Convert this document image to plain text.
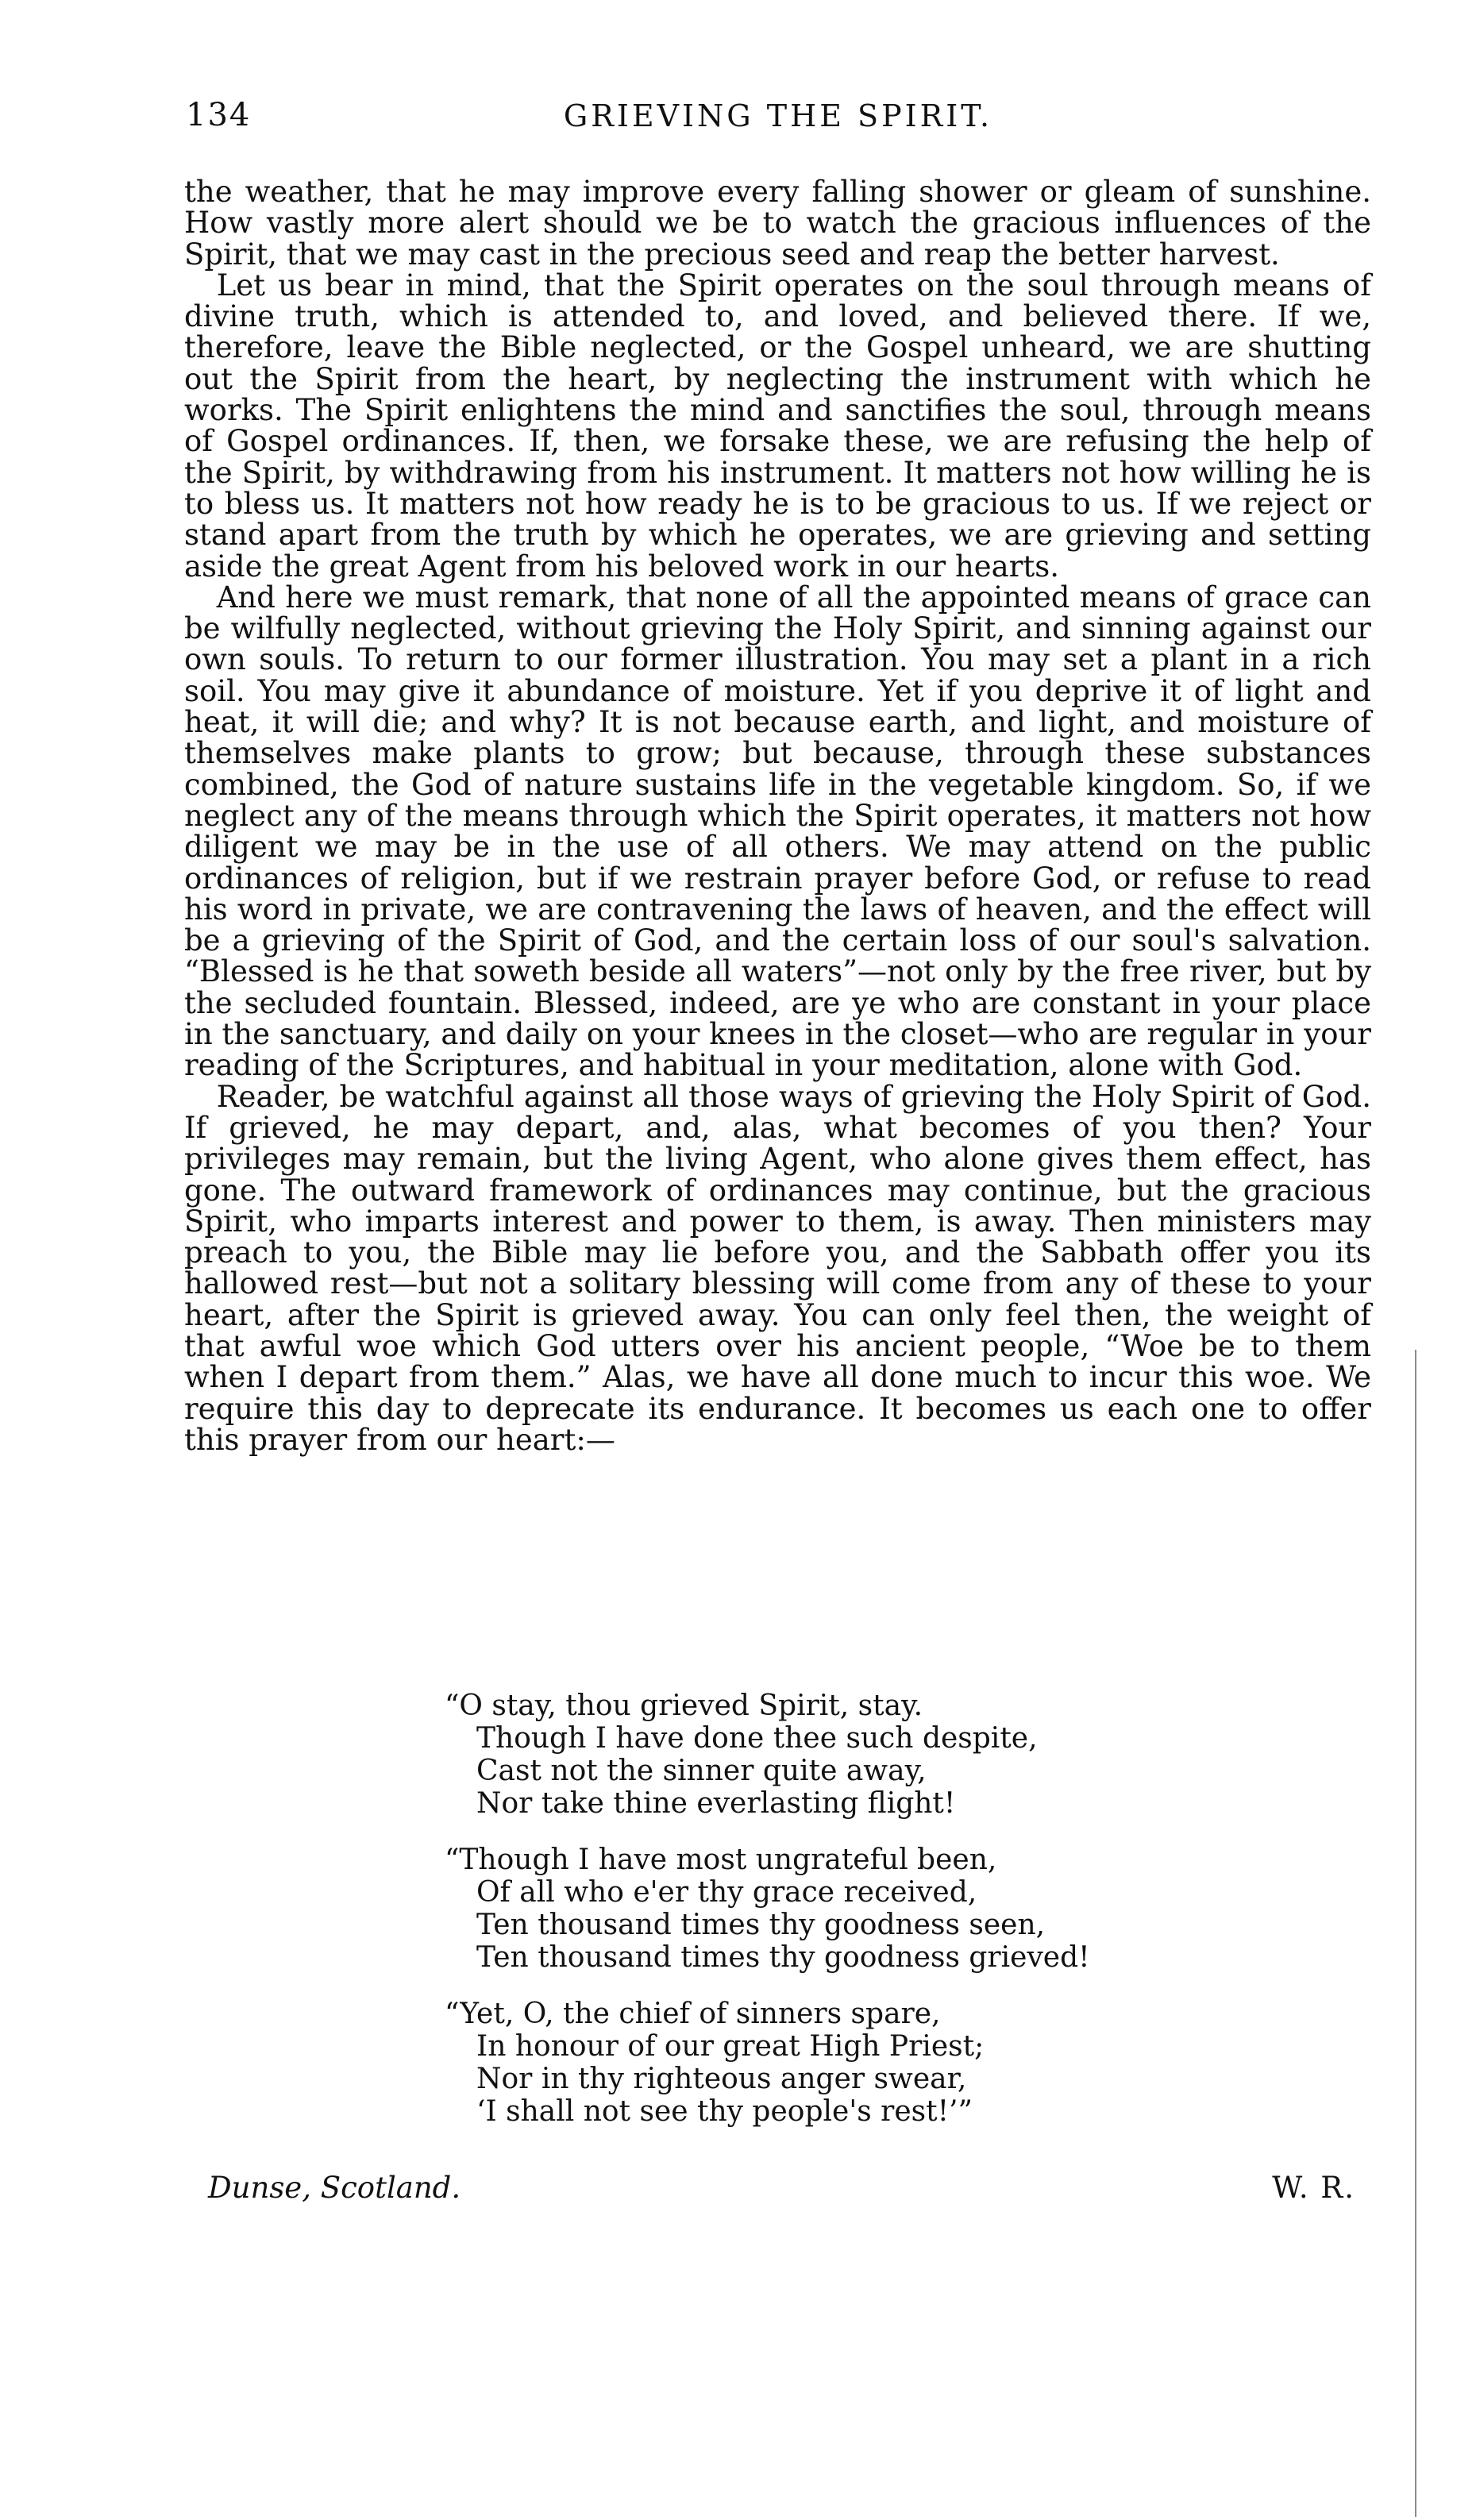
134	GRIEVING THE SPIRIT.

the weather, that he may improve every falling shower or gleam of sunshine. How vastly more alert should we be to watch the gracious influences of the Spirit, that we may cast in the precious seed and reap the better harvest.

Let us bear in mind, that the Spirit operates on the soul through means of divine truth, which is attended to, and loved, and believed there. If we, therefore, leave the Bible neglected, or the Gospel unheard, we are shutting out the Spirit from the heart, by neglecting the instrument with which he works. The Spirit enlightens the mind and sanctifies the soul, through means of Gospel ordinances. If, then, we forsake these, we are refusing the help of the Spirit, by withdrawing from his instrument. It matters not how willing he is to bless us. It matters not how ready he is to be gracious to us. If we reject or stand apart from the truth by which he operates, we are grieving and setting aside the great Agent from his beloved work in our hearts.

And here we must remark, that none of all the appointed means of grace can be wilfully neglected, without grieving the Holy Spirit, and sinning against our own souls. To return to our former illustration. You may set a plant in a rich soil. You may give it abundance of moisture. Yet if you deprive it of light and heat, it will die; and why? It is not because earth, and light, and moisture of themselves make plants to grow; but because, through these substances combined, the God of nature sustains life in the vegetable kingdom. So, if we neglect any of the means through which the Spirit operates, it matters not how diligent we may be in the use of all others. We may attend on the public ordinances of religion, but if we restrain prayer before God, or refuse to read his word in private, we are contravening the laws of heaven, and the effect will be a grieving of the Spirit of God, and the certain loss of our soul's salvation. “Blessed is he that soweth beside all waters”—not only by the free river, but by the secluded fountain. Blessed, indeed, are ye who are constant in your place in the sanctuary, and daily on your knees in the closet—who are regular in your reading of the Scriptures, and habitual in your meditation, alone with God.

Reader, be watchful against all those ways of grieving the Holy Spirit of God. If grieved, he may depart, and, alas, what becomes of you then? Your privileges may remain, but the living Agent, who alone gives them effect, has gone. The outward framework of ordinances may continue, but the gracious Spirit, who imparts interest and power to them, is away. Then ministers may preach to you, the Bible may lie before you, and the Sabbath offer you its hallowed rest—but not a solitary blessing will come from any of these to your heart, after the Spirit is grieved away. You can only feel then, the weight of that awful woe which God utters over his ancient people, “Woe be to them when I depart from them.” Alas, we have all done much to incur this woe. We require this day to deprecate its endurance. It becomes us each one to offer this prayer from our heart:—

“O stay, thou grieved Spirit, stay.
Though I have done thee such despite,
Cast not the sinner quite away,
Nor take thine everlasting flight!
“Though I have most ungrateful been,
Of all who e'er thy grace received,
Ten thousand times thy goodness seen,
Ten thousand times thy goodness grieved!
“Yet, O, the chief of sinners spare,
In honour of our great High Priest;
Nor in thy righteous anger swear,
‘I shall not see thy people's rest!’”
Dunse, Scotland.	W. R.
